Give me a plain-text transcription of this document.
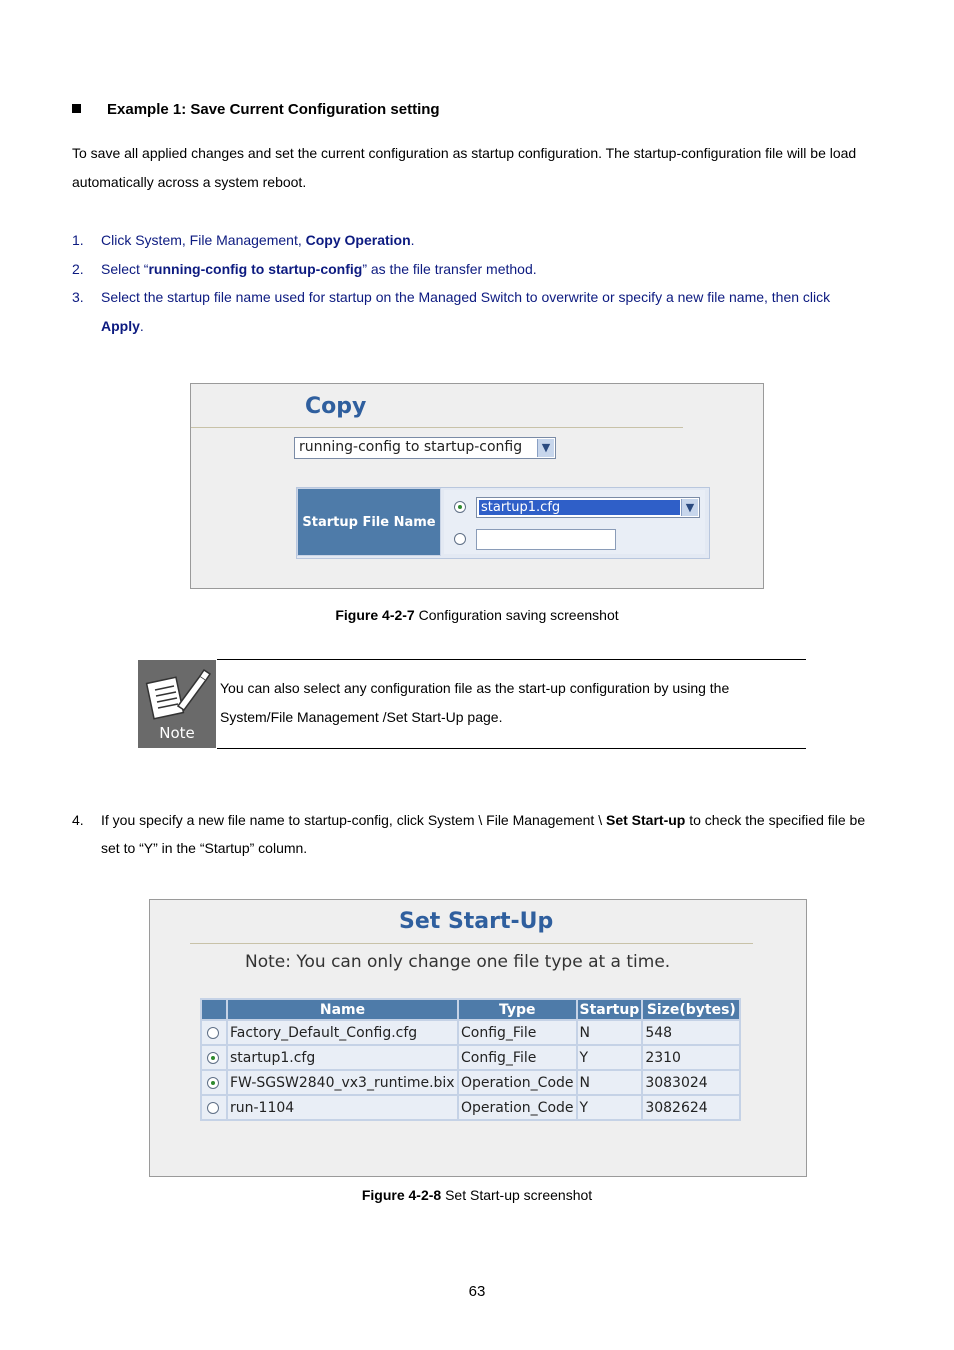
Example 1: Save Current Configuration setting
To save all applied changes and set the current configuration as startup configuration. The startup-configuration file will be load
automatically across a system reboot.
1. Click System, File Management, Copy Operation.
2. Select “running-config to startup-config” as the file transfer method.
3. Select the startup file name used for startup on the Managed Switch to overwrite or specify a new file name, then click
Apply.
Copy
running-config to startup-config	▼
Startup File Name
startup1.cfg	▼
Figure 4-2-7 Configuration saving screenshot
Note
You can also select any configuration file as the start-up configuration by using the
System/File Management /Set Start-Up page.
4. If you specify a new file name to startup-config, click System \ File Management \ Set Start-up to check the specified file be
set to “Y” in the “Startup” column.
Set Start-Up
Note: You can only change one file type at a time.
	Name	Type	Startup	Size(bytes)

	Factory_Default_Config.cfg	Config_File	N	548

	startup1.cfg	Config_File	Y	2310

	FW-SGSW2840_vx3_runtime.bix	Operation_Code	N	3083024

	run-1104	Operation_Code	Y	3082624
Figure 4-2-8 Set Start-up screenshot
63
